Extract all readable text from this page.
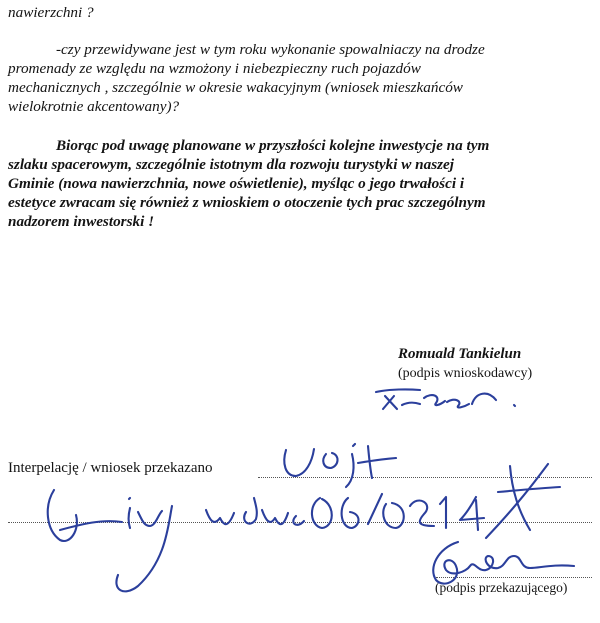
nawierzchni ?

-czy przewidywane jest w tym roku wykonanie spowalniaczy na drodze
promenady ze względu na wzmożony i niebezpieczny ruch pojazdów
mechanicznych , szczególnie w okresie wakacyjnym (wniosek mieszkańców
wielokrotnie akcentowany)?

Biorąc pod uwagę planowane w przyszłości kolejne inwestycje na tym
szlaku spacerowym, szczególnie istotnym dla rozwoju turystyki w naszej
Gminie (nowa nawierzchnia, nowe oświetlenie), myśląc o jego trwałości i
estetyce zwracam się również z wnioskiem o otoczenie tych prac szczególnym
nadzorem inwestorski !

Romuald Tankielun
(podpis wnioskodawcy)
Interpelację / wniosek przekazano
(podpis przekazującego)
